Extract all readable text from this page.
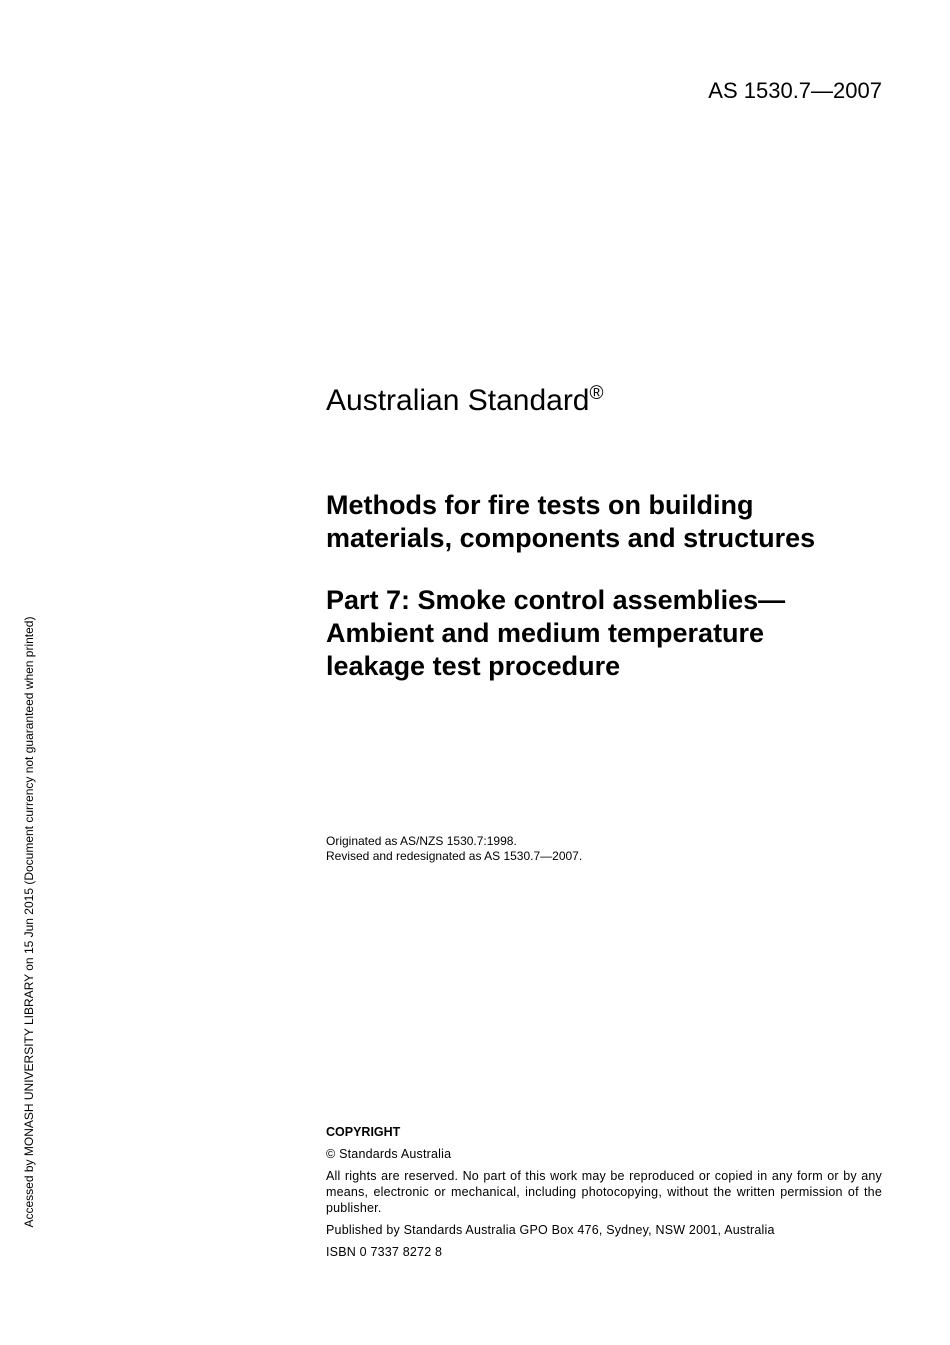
AS 1530.7—2007
Accessed by MONASH UNIVERSITY LIBRARY on 15 Jun 2015 (Document currency not guaranteed when printed)
Australian Standard®
Methods for fire tests on building
materials, components and structures
Part 7: Smoke control assemblies—
Ambient and medium temperature
leakage test procedure
Originated as AS/NZS 1530.7:1998.
Revised and redesignated as AS 1530.7—2007.
COPYRIGHT

© Standards Australia

All rights are reserved. No part of this work may be reproduced or copied in any form or by any means, electronic or mechanical, including photocopying, without the written permission of the publisher.

Published by Standards Australia GPO Box 476, Sydney, NSW 2001, Australia

ISBN 0 7337 8272 8
